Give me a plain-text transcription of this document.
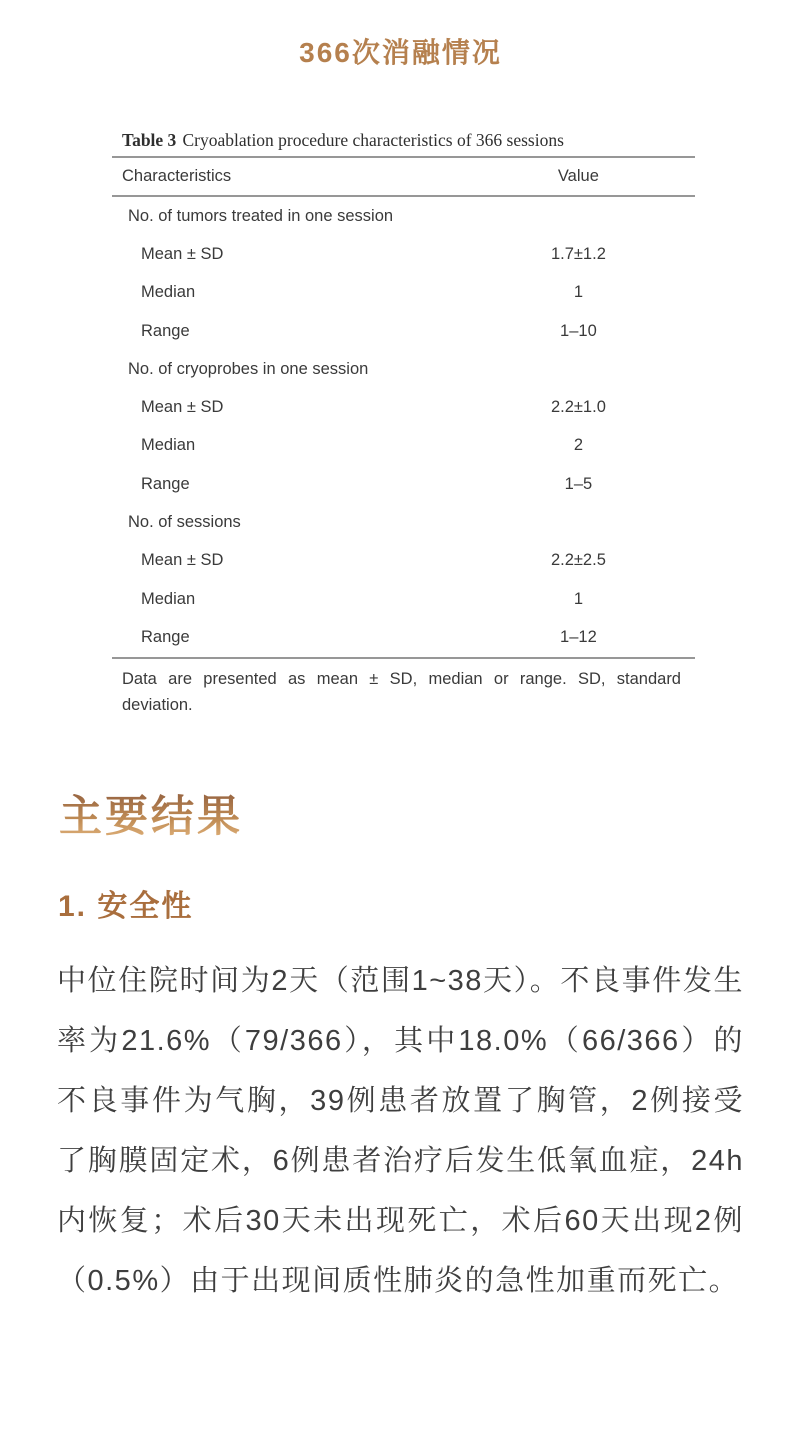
366次消融情况
Table 3 Cryoablation procedure characteristics of 366 sessions
Characteristics	Value
No. of tumors treated in one session
Mean ± SD	1.7±1.2
Median	1
Range	1–10
No. of cryoprobes in one session
Mean ± SD	2.2±1.0
Median	2
Range	1–5
No. of sessions
Mean ± SD	2.2±2.5
Median	1
Range	1–12
Data are presented as mean ± SD, median or range. SD, standard deviation.
主要结果
1. 安全性

中位住院时间为2天（范围1~38天）。不良事件发生率为21.6%（79/366），其中18.0%（66/366）的不良事件为气胸，39例患者放置了胸管，2例接受了胸膜固定术，6例患者治疗后发生低氧血症，24h内恢复；术后30天未出现死亡，术后60天出现2例（0.5%）由于出现间质性肺炎的急性加重而死亡。
